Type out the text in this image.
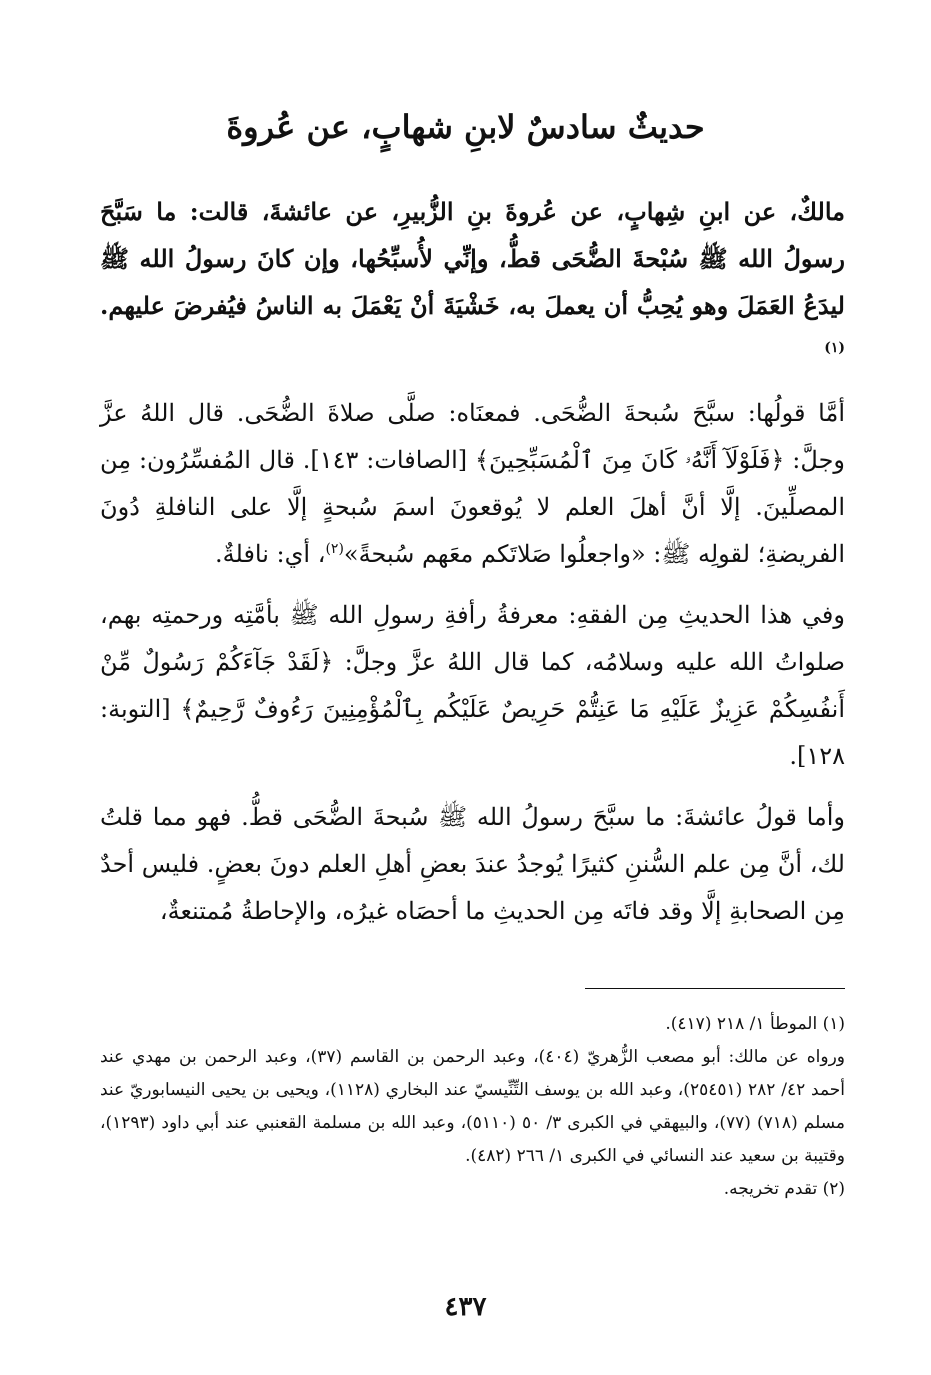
حديثٌ سادسٌ لابنِ شهابٍ، عن عُروةَ

مالكٌ، عن ابنِ شِهابٍ، عن عُروةَ بنِ الزُّبيرِ، عن عائشةَ، قالت: ما سَبَّحَ رسولُ الله ﷺ سُبْحةَ الضُّحَى قطُّ، وإنِّي لأُسبِّحُها، وإن كانَ رسولُ الله ﷺ ليدَعُ العَمَلَ وهو يُحِبُّ أن يعملَ به، خَشْيَةَ أنْ يَعْمَلَ به الناسُ فيُفرضَ عليهم.$^{(١)}$

أمَّا قولُها: سبَّحَ سُبحةَ الضُّحَى. فمعنَاه: صلَّى صلاةَ الضُّحَى. قال اللهُ عزَّ وجلَّ: ﴿فَلَوْلَآ أَنَّهُۥ كَانَ مِنَ ٱلْمُسَبِّحِينَ﴾ [الصافات: ١٤٣]. قال المُفسِّرُون: مِن المصلِّينَ. إلَّا أنَّ أهلَ العلم لا يُوقعونَ اسمَ سُبحةٍ إلَّا على النافلةِ دُونَ الفريضةِ؛ لقولِه ﷺ: «واجعلُوا صَلاتَكم معَهم سُبحةً»$^{(٢)}$، أي: نافلةٌ.

وفي هذا الحديثِ مِن الفقهِ: معرفةُ رأفةِ رسولِ الله ﷺ بأمَّتِه ورحمتِه بهم، صلواتُ الله عليه وسلامُه، كما قال اللهُ عزَّ وجلَّ: ﴿لَقَدْ جَآءَكُمْ رَسُولٌ مِّنْ أَنفُسِكُمْ عَزِيزٌ عَلَيْهِ مَا عَنِتُّمْ حَرِيصٌ عَلَيْكُم بِٱلْمُؤْمِنِينَ رَءُوفٌ رَّحِيمٌ﴾ [التوبة: ١٢٨].

وأما قولُ عائشةَ: ما سبَّحَ رسولُ الله ﷺ سُبحةَ الضُّحَى قطُّ. فهو مما قلتُ لك، أنَّ مِن علم السُّننِ كثيرًا يُوجدُ عندَ بعضِ أهلِ العلم دونَ بعضٍ. فليس أحدٌ مِن الصحابةِ إلَّا وقد فاتَه مِن الحديثِ ما أحصَاه غيرُه، والإحاطةُ مُمتنعةٌ،

(١) الموطأ ١/ ٢١٨ (٤١٧).

ورواه عن مالك: أبو مصعب الزُّهريّ (٤٠٤)، وعبد الرحمن بن القاسم (٣٧)، وعبد الرحمن بن مهدي عند أحمد ٤٢/ ٢٨٢ (٢٥٤٥١)، وعبد الله بن يوسف التِّنِّيسيّ عند البخاري (١١٢٨)، ويحيى بن يحيى النيسابوريّ عند مسلم (٧١٨) (٧٧)، والبيهقي في الكبرى ٣/ ٥٠ (٥١١٠)، وعبد الله بن مسلمة القعنبي عند أبي داود (١٢٩٣)، وقتيبة بن سعيد عند النسائي في الكبرى ١/ ٢٦٦ (٤٨٢).

(٢) تقدم تخريجه.

٤٣٧
